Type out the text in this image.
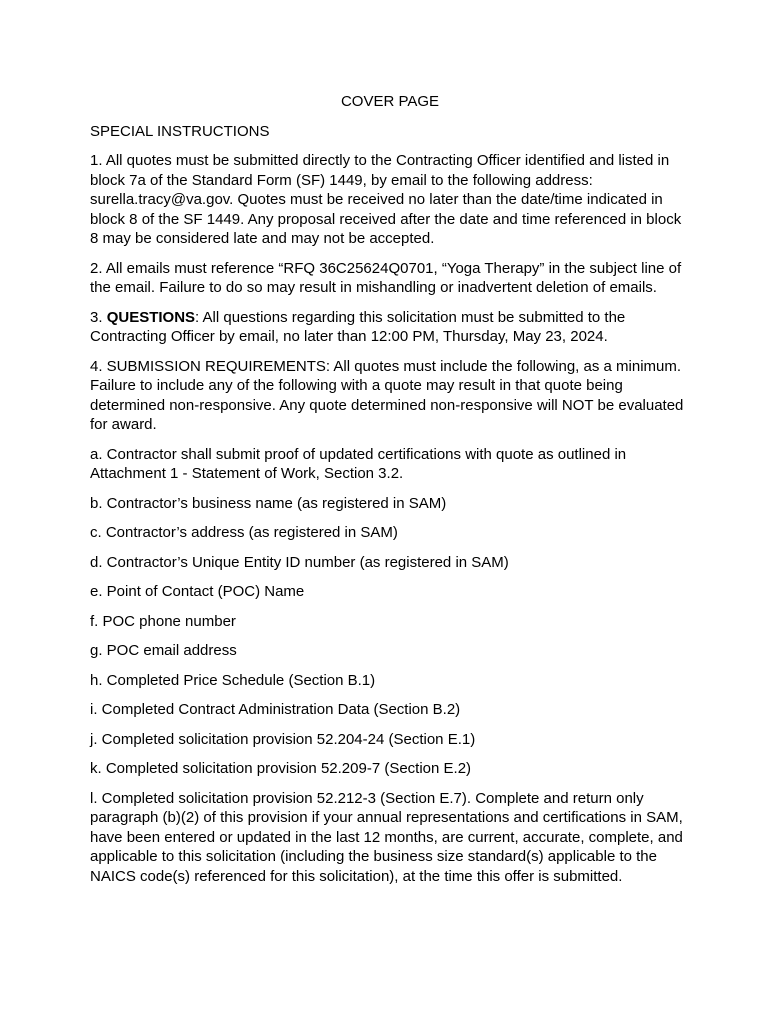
COVER PAGE

SPECIAL INSTRUCTIONS

1. All quotes must be submitted directly to the Contracting Officer identified and listed in block 7a of the Standard Form (SF) 1449, by email to the following address: surella.tracy@va.gov. Quotes must be received no later than the date/time indicated in block 8 of the SF 1449. Any proposal received after the date and time referenced in block 8 may be considered late and may not be accepted.

2. All emails must reference “RFQ 36C25624Q0701, “Yoga Therapy” in the subject line of the email. Failure to do so may result in mishandling or inadvertent deletion of emails.

3. QUESTIONS: All questions regarding this solicitation must be submitted to the Contracting Officer by email, no later than 12:00 PM, Thursday, May 23, 2024.

4. SUBMISSION REQUIREMENTS: All quotes must include the following, as a minimum. Failure to include any of the following with a quote may result in that quote being determined non-responsive. Any quote determined non-responsive will NOT be evaluated for award.

a. Contractor shall submit proof of updated certifications with quote as outlined in Attachment 1 - Statement of Work, Section 3.2.

b. Contractor’s business name (as registered in SAM)

c. Contractor’s address (as registered in SAM)

d. Contractor’s Unique Entity ID number (as registered in SAM)

e. Point of Contact (POC) Name

f. POC phone number

g. POC email address

h. Completed Price Schedule (Section B.1)

i. Completed Contract Administration Data (Section B.2)

j. Completed solicitation provision 52.204-24 (Section E.1)

k. Completed solicitation provision 52.209-7 (Section E.2)

l. Completed solicitation provision 52.212-3 (Section E.7). Complete and return only paragraph (b)(2) of this provision if your annual representations and certifications in SAM, have been entered or updated in the last 12 months, are current, accurate, complete, and applicable to this solicitation (including the business size standard(s) applicable to the NAICS code(s) referenced for this solicitation), at the time this offer is submitted.
